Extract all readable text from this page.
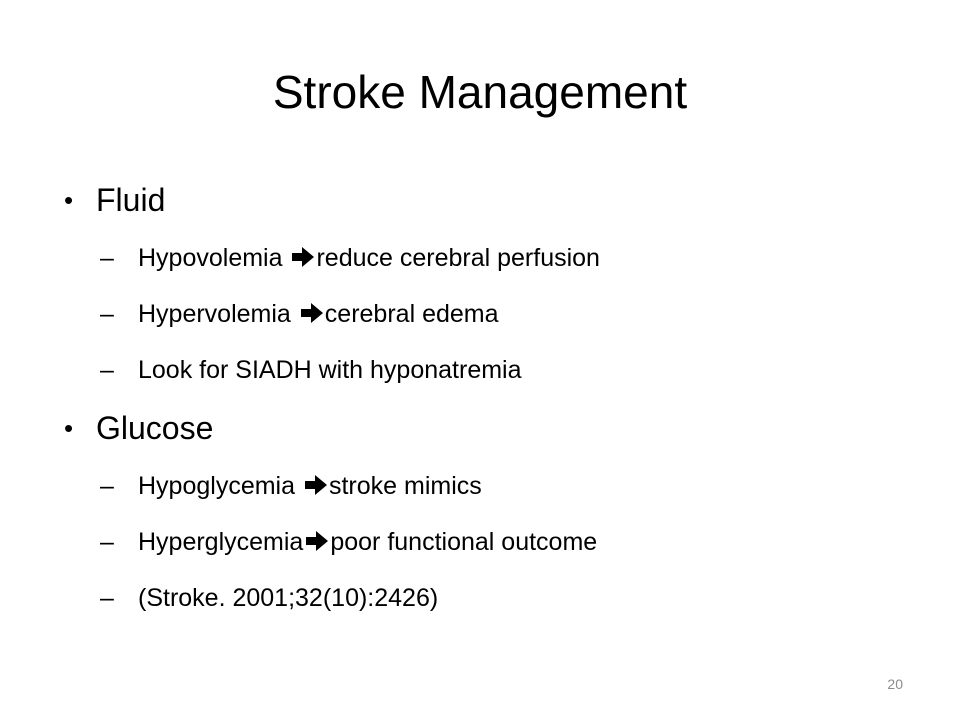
Stroke Management
• Fluid
– Hypovolemia reduce cerebral perfusion
– Hypervolemia cerebral edema
– Look for SIADH with hyponatremia
• Glucose
– Hypoglycemia stroke mimics
– Hyperglycemia poor functional outcome
– (Stroke. 2001;32(10):2426)
20
